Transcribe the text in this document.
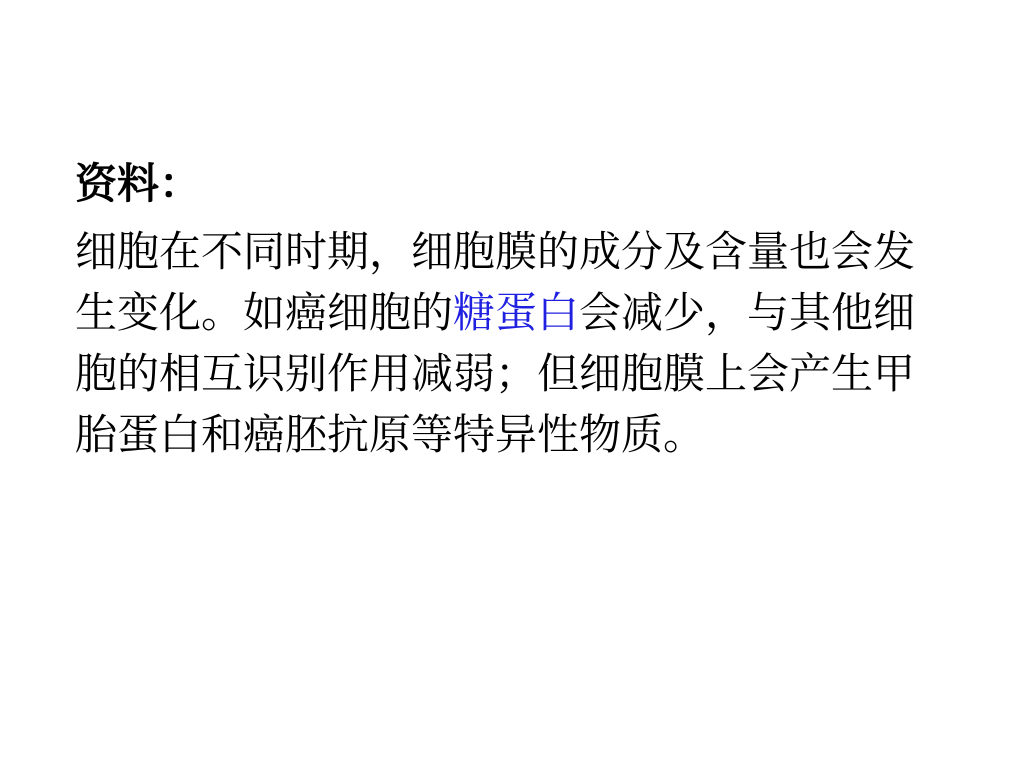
资料：
细胞在不同时期，细胞膜的成分及含量也会发生变化。如癌细胞的糖蛋白会减少，与其他细胞的相互识别作用减弱；但细胞膜上会产生甲胎蛋白和癌胚抗原等特异性物质。
